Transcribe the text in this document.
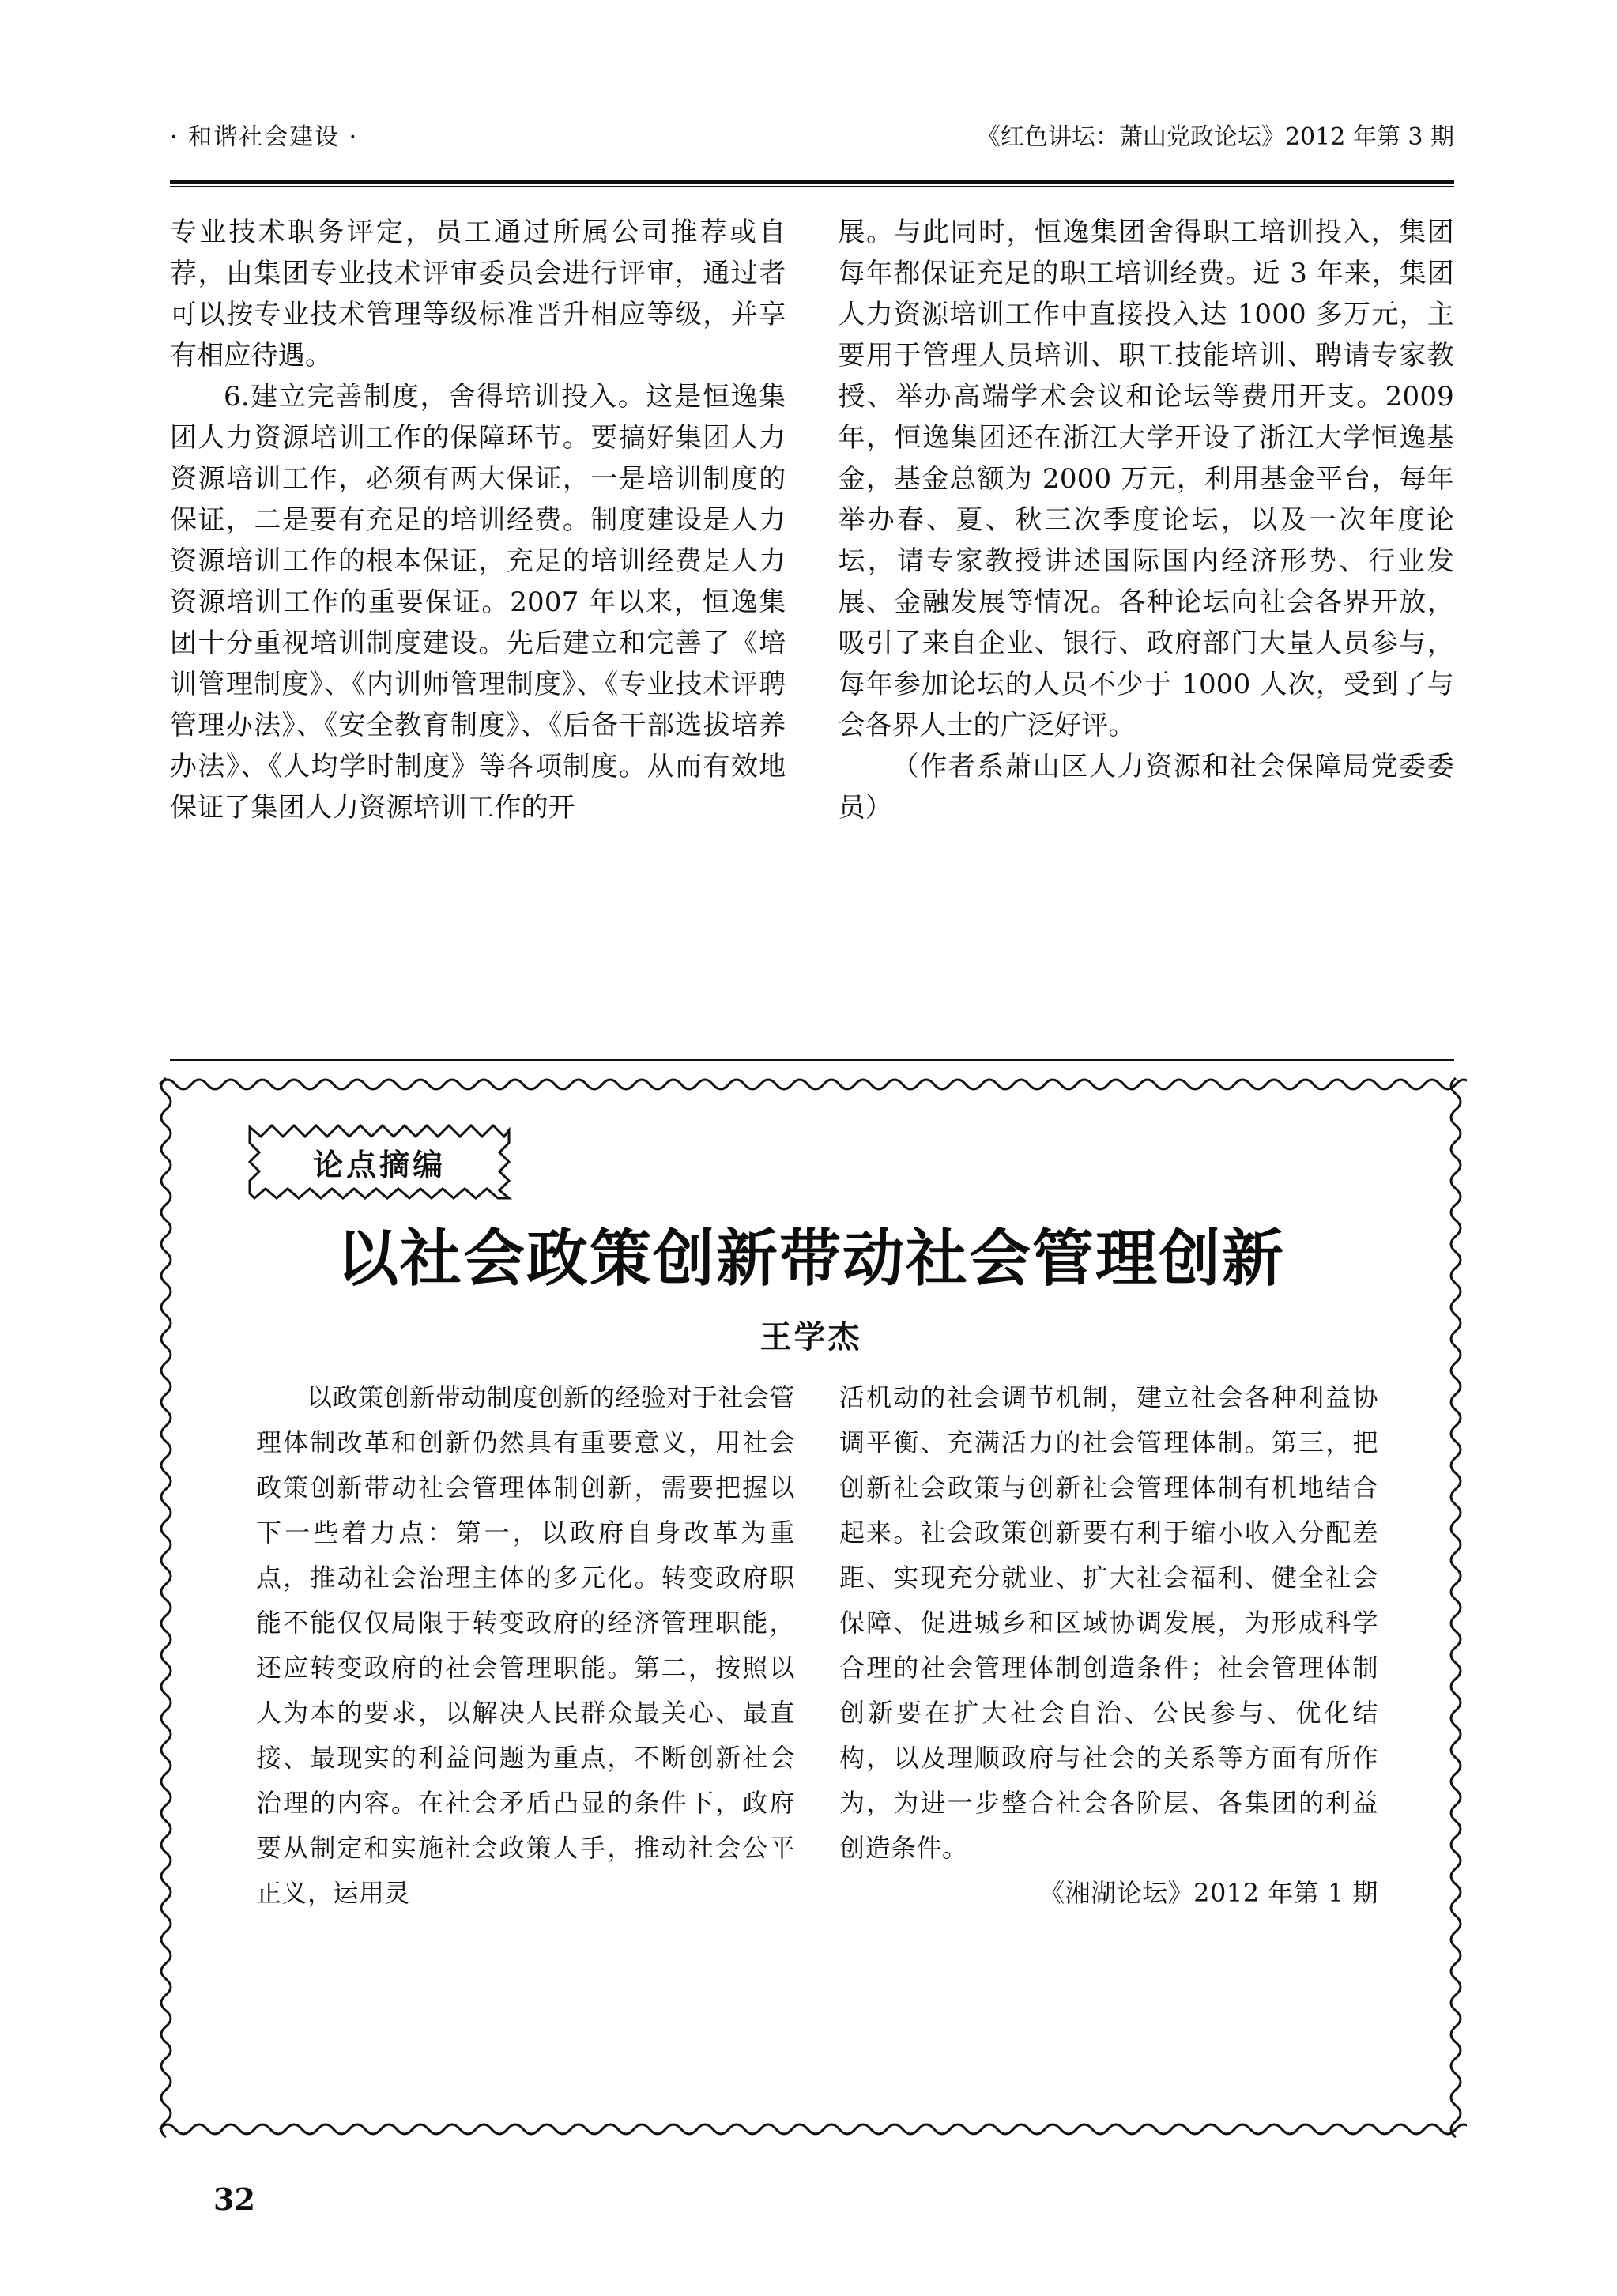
· 和谐社会建设 ·	《红色讲坛：萧山党政论坛》2012 年第 3 期

专业技术职务评定，员工通过所属公司推荐或自荐，由集团专业技术评审委员会进行评审，通过者可以按专业技术管理等级标准晋升相应等级，并享有相应待遇。

6.建立完善制度，舍得培训投入。这是恒逸集团人力资源培训工作的保障环节。要搞好集团人力资源培训工作，必须有两大保证，一是培训制度的保证，二是要有充足的培训经费。制度建设是人力资源培训工作的根本保证，充足的培训经费是人力资源培训工作的重要保证。2007 年以来，恒逸集团十分重视培训制度建设。先后建立和完善了《培训管理制度》、《内训师管理制度》、《专业技术评聘管理办法》、《安全教育制度》、《后备干部选拔培养办法》、《人均学时制度》等各项制度。从而有效地保证了集团人力资源培训工作的开

展。与此同时，恒逸集团舍得职工培训投入，集团每年都保证充足的职工培训经费。近 3 年来，集团人力资源培训工作中直接投入达 1000 多万元，主要用于管理人员培训、职工技能培训、聘请专家教授、举办高端学术会议和论坛等费用开支。2009 年，恒逸集团还在浙江大学开设了浙江大学恒逸基金，基金总额为 2000 万元，利用基金平台，每年举办春、夏、秋三次季度论坛，以及一次年度论坛，请专家教授讲述国际国内经济形势、行业发展、金融发展等情况。各种论坛向社会各界开放，吸引了来自企业、银行、政府部门大量人员参与，每年参加论坛的人员不少于 1000 人次，受到了与会各界人士的广泛好评。

（作者系萧山区人力资源和社会保障局党委委员）

论点摘编
以社会政策创新带动社会管理创新
王学杰

以政策创新带动制度创新的经验对于社会管理体制改革和创新仍然具有重要意义，用社会政策创新带动社会管理体制创新，需要把握以下一些着力点：第一，以政府自身改革为重点，推动社会治理主体的多元化。转变政府职能不能仅仅局限于转变政府的经济管理职能，还应转变政府的社会管理职能。第二，按照以人为本的要求，以解决人民群众最关心、最直接、最现实的利益问题为重点，不断创新社会治理的内容。在社会矛盾凸显的条件下，政府要从制定和实施社会政策人手，推动社会公平正义，运用灵

活机动的社会调节机制，建立社会各种利益协调平衡、充满活力的社会管理体制。第三，把创新社会政策与创新社会管理体制有机地结合起来。社会政策创新要有利于缩小收入分配差距、实现充分就业、扩大社会福利、健全社会保障、促进城乡和区域协调发展，为形成科学合理的社会管理体制创造条件；社会管理体制创新要在扩大社会自治、公民参与、优化结构，以及理顺政府与社会的关系等方面有所作为，为进一步整合社会各阶层、各集团的利益创造条件。

《湘湖论坛》2012 年第 1 期

32
